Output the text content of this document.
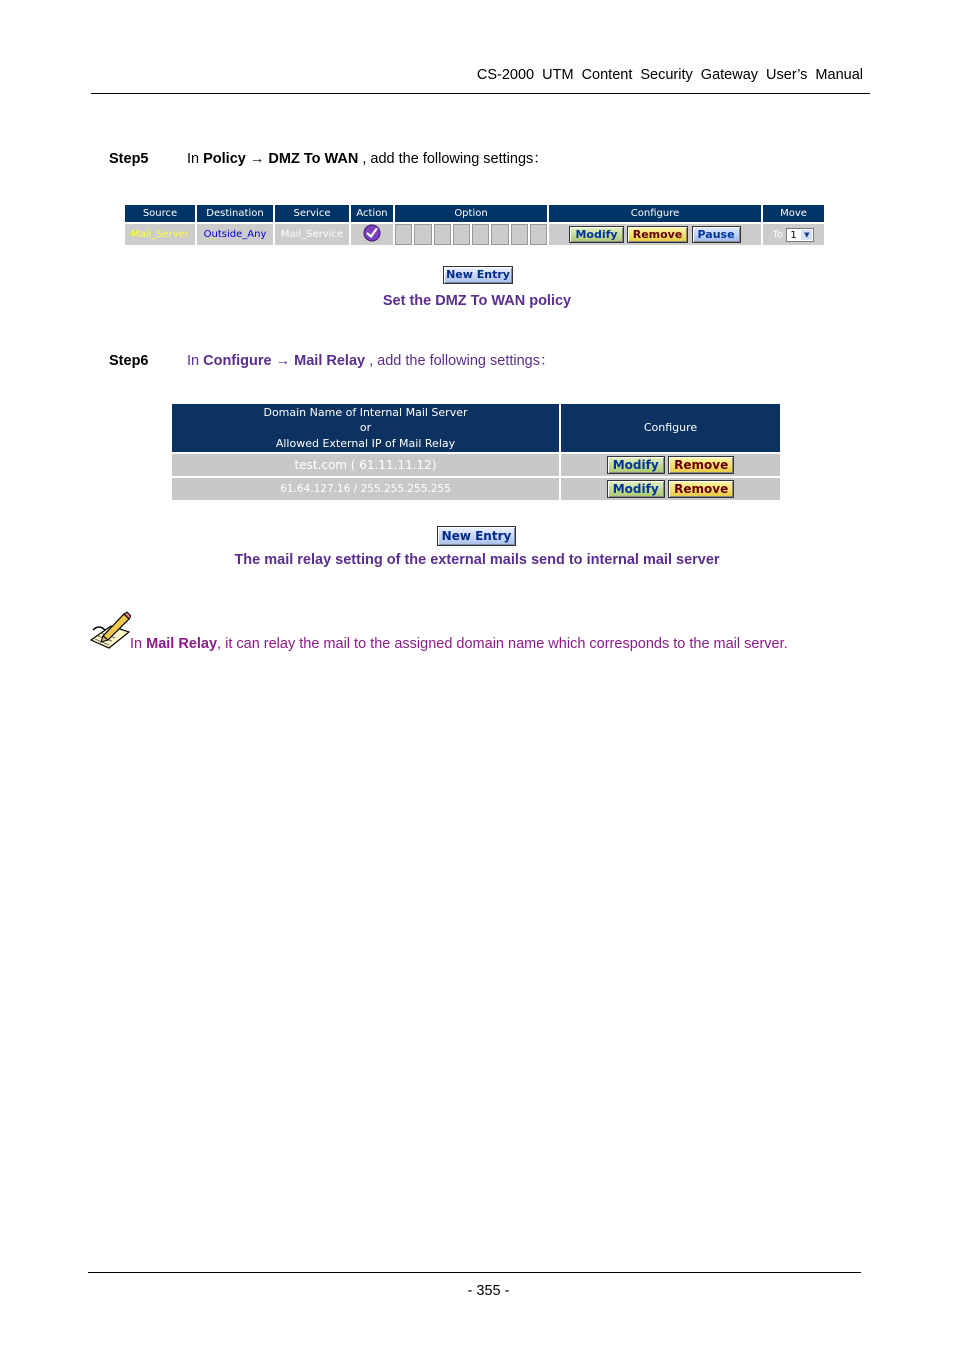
CS-2000 UTM Content Security Gateway User’s Manual
Step5	In Policy → DMZ To WAN , add the following settings：
Source	Destination	Service	Action	Option								Configure	Move
Mail_Server	Outside_Any	Mail_Service										Modify Remove Pause	To 1 ▼
New Entry
Set the DMZ To WAN policy
Step6	In Configure → Mail Relay , add the following settings：
Domain Name of Internal Mail Server
or
Allowed External IP of Mail Relay	Configure
test.com ( 61.11.11.12)	Modify Remove
61.64.127.16 / 255.255.255.255	Modify Remove
New Entry
The mail relay setting of the external mails send to internal mail server
In Mail Relay, it can relay the mail to the assigned domain name which corresponds to the mail server.
- 355 -
